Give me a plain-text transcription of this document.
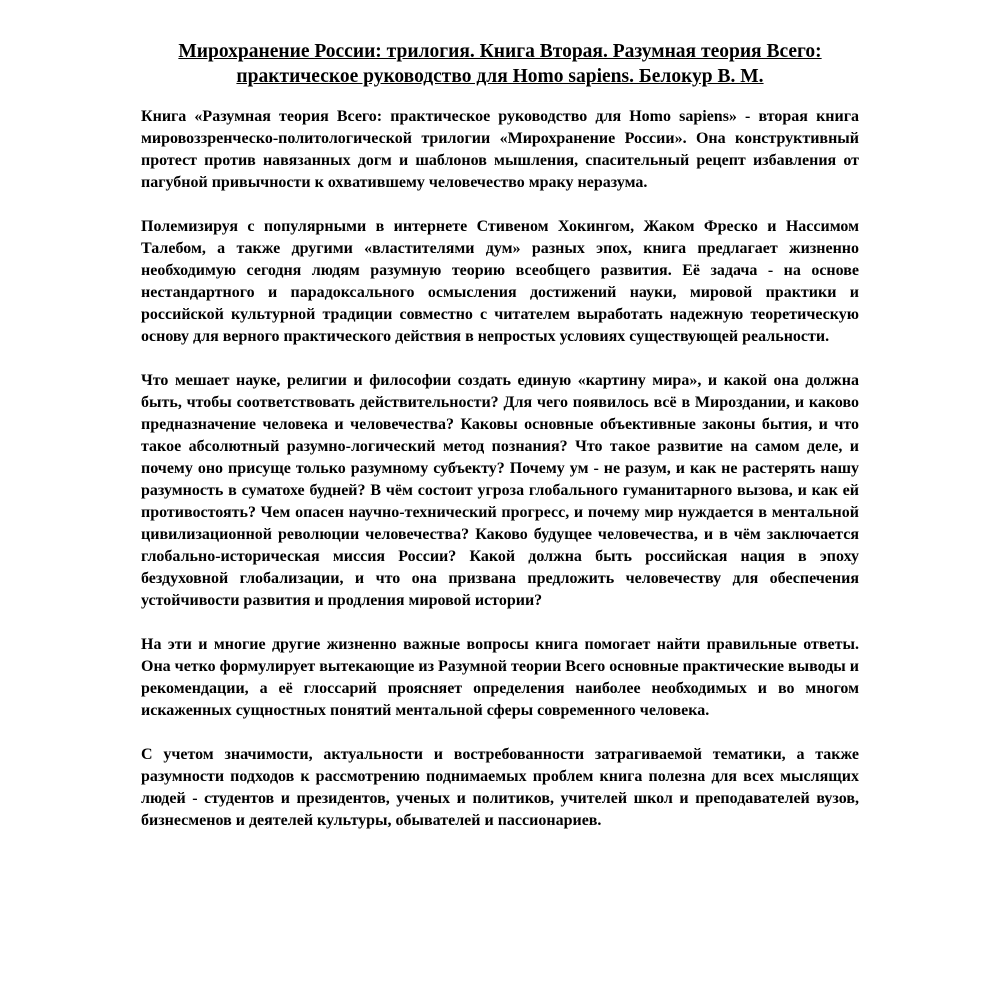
Мирохранение России: трилогия. Книга Вторая. Разумная теория Всего: практическое руководство для Homo sapiens. Белокур В. М.

Книга «Разумная теория Всего: практическое руководство для Homo sapiens» - вторая книга мировоззренческо-политологической трилогии «Мирохранение России». Она конструктивный протест против навязанных догм и шаблонов мышления, спасительный рецепт избавления от пагубной привычности к охватившему человечество мраку неразума.

Полемизируя с популярными в интернете Стивеном Хокингом, Жаком Фреско и Нассимом Талебом, а также другими «властителями дум» разных эпох, книга предлагает жизненно необходимую сегодня людям разумную теорию всеобщего развития. Её задача - на основе нестандартного и парадоксального осмысления достижений науки, мировой практики и российской культурной традиции совместно с читателем выработать надежную теоретическую основу для верного практического действия в непростых условиях существующей реальности.

Что мешает науке, религии и философии создать единую «картину мира», и какой она должна быть, чтобы соответствовать действительности? Для чего появилось всё в Мироздании, и каково предназначение человека и человечества? Каковы основные объективные законы бытия, и что такое абсолютный разумно-логический метод познания? Что такое развитие на самом деле, и почему оно присуще только разумному субъекту? Почему ум - не разум, и как не растерять нашу разумность в суматохе будней? В чём состоит угроза глобального гуманитарного вызова, и как ей противостоять? Чем опасен научно-технический прогресс, и почему мир нуждается в ментальной цивилизационной революции человечества? Каково будущее человечества, и в чём заключается глобально-историческая миссия России? Какой должна быть российская нация в эпоху бездуховной глобализации, и что она призвана предложить человечеству для обеспечения устойчивости развития и продления мировой истории?

На эти и многие другие жизненно важные вопросы книга помогает найти правильные ответы. Она четко формулирует вытекающие из Разумной теории Всего основные практические выводы и рекомендации, а её глоссарий проясняет определения наиболее необходимых и во многом искаженных сущностных понятий ментальной сферы современного человека.

С учетом значимости, актуальности и востребованности затрагиваемой тематики, а также разумности подходов к рассмотрению поднимаемых проблем книга полезна для всех мыслящих людей - студентов и президентов, ученых и политиков, учителей школ и преподавателей вузов, бизнесменов и деятелей культуры, обывателей и пассионариев.
